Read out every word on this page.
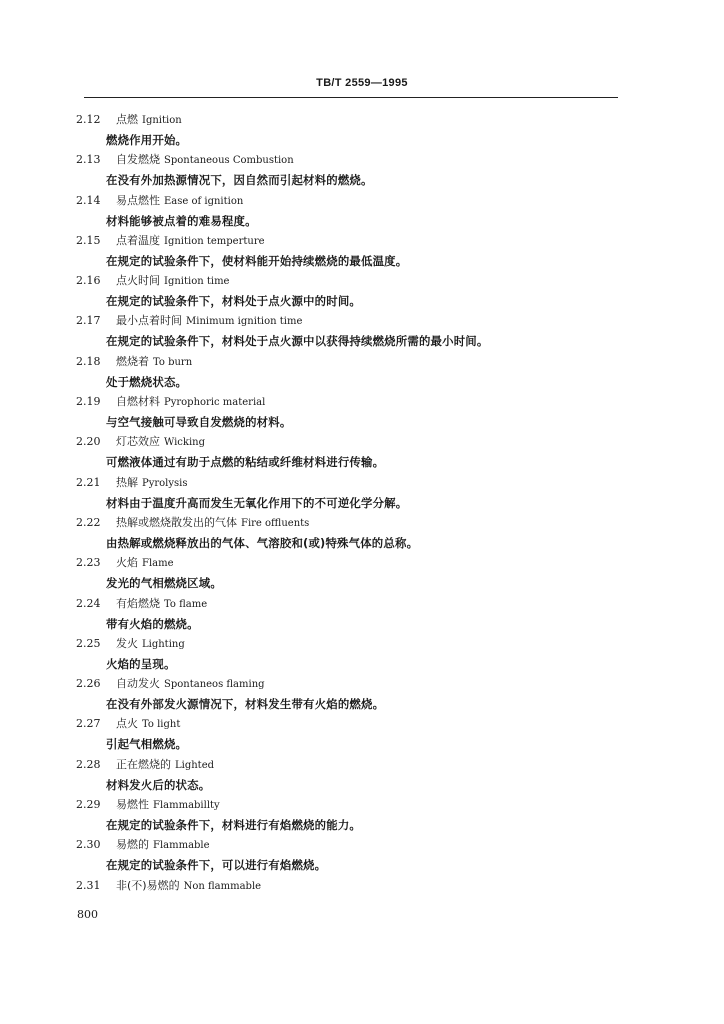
TB/T 2559—1995
2.12 点燃 Ignition
燃烧作用开始。
2.13 自发燃烧 Spontaneous Combustion
在没有外加热源情况下，因自然而引起材料的燃烧。
2.14 易点燃性 Ease of ignition
材料能够被点着的难易程度。
2.15 点着温度 Ignition temperture
在规定的试验条件下，使材料能开始持续燃烧的最低温度。
2.16 点火时间 Ignition time
在规定的试验条件下，材料处于点火源中的时间。
2.17 最小点着时间 Minimum ignition time
在规定的试验条件下，材料处于点火源中以获得持续燃烧所需的最小时间。
2.18 燃烧着 To burn
处于燃烧状态。
2.19 自燃材料 Pyrophoric material
与空气接触可导致自发燃烧的材料。
2.20 灯芯效应 Wicking
可燃液体通过有助于点燃的粘结或纤维材料进行传输。
2.21 热解 Pyrolysis
材料由于温度升高而发生无氧化作用下的不可逆化学分解。
2.22 热解或燃烧散发出的气体 Fire offluents
由热解或燃烧释放出的气体、气溶胶和(或)特殊气体的总称。
2.23 火焰 Flame
发光的气相燃烧区域。
2.24 有焰燃烧 To flame
带有火焰的燃烧。
2.25 发火 Lighting
火焰的呈现。
2.26 自动发火 Spontaneos flaming
在没有外部发火源情况下，材料发生带有火焰的燃烧。
2.27 点火 To light
引起气相燃烧。
2.28 正在燃烧的 Lighted
材料发火后的状态。
2.29 易燃性 Flammabillty
在规定的试验条件下，材料进行有焰燃烧的能力。
2.30 易燃的 Flammable
在规定的试验条件下，可以进行有焰燃烧。
2.31 非(不)易燃的 Non flammable
800
